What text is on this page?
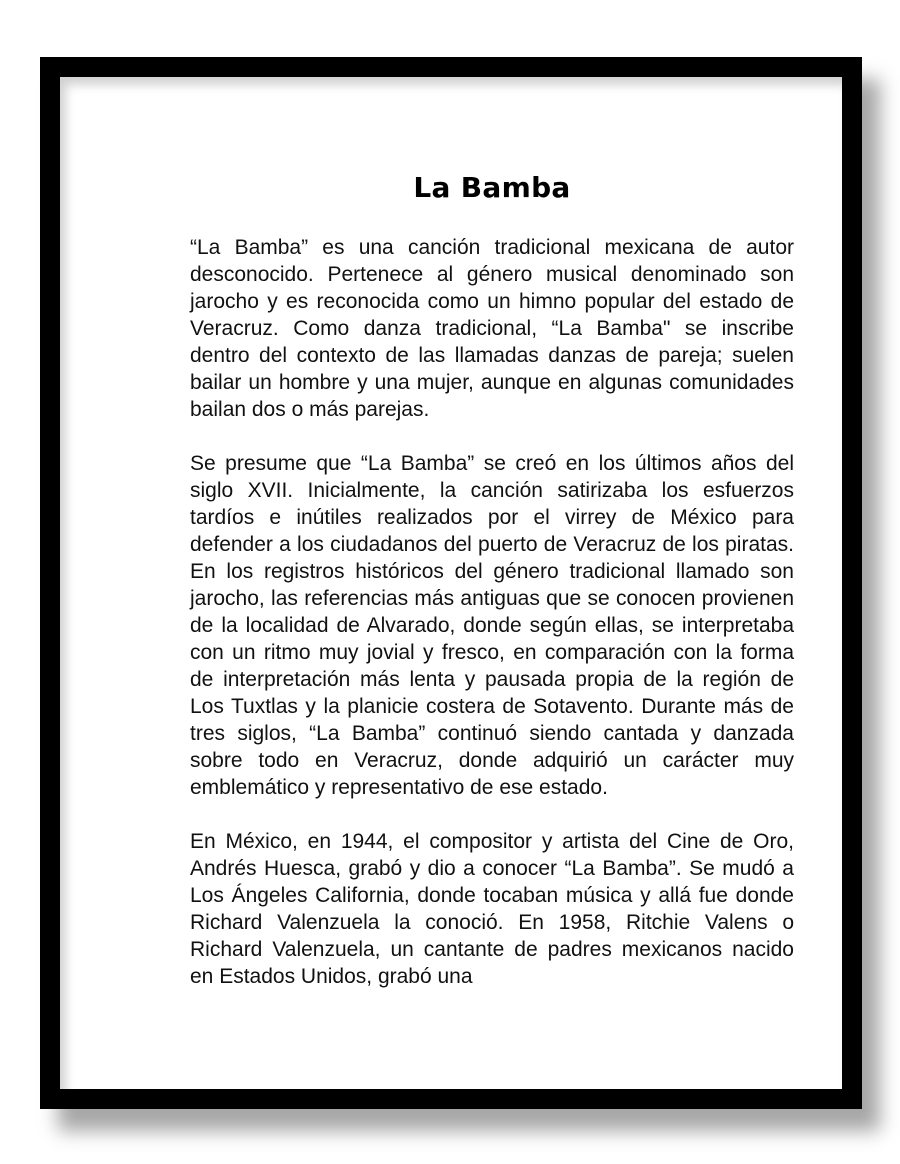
La Bamba

“La Bamba” es una canción tradicional mexicana de autor desconocido. Pertenece al género musical denominado son jarocho y es reconocida como un himno popular del estado de Veracruz. Como danza tradicional, “La Bamba" se inscribe dentro del contexto de las llamadas danzas de pareja; suelen bailar un hombre y una mujer, aunque en algunas comunidades bailan dos o más parejas.

Se presume que “La Bamba” se creó en los últimos años del siglo XVII. Inicialmente, la canción satirizaba los esfuerzos tardíos e inútiles realizados por el virrey de México para defender a los ciudadanos del puerto de Veracruz de los piratas. En los registros históricos del género tradicional llamado son jarocho, las referencias más antiguas que se conocen provienen de la localidad de Alvarado, donde según ellas, se interpretaba con un ritmo muy jovial y fresco, en comparación con la forma de interpretación más lenta y pausada propia de la región de Los Tuxtlas y la planicie costera de Sotavento. Durante más de tres siglos, “La Bamba” continuó siendo cantada y danzada sobre todo en Veracruz, donde adquirió un carácter muy emblemático y representativo de ese estado.

En México, en 1944, el compositor y artista del Cine de Oro, Andrés Huesca, grabó y dio a conocer “La Bamba”. Se mudó a Los Ángeles California, donde tocaban música y allá fue donde Richard Valenzuela la conoció. En 1958, Ritchie Valens o Richard Valenzuela, un cantante de padres mexicanos nacido en Estados Unidos, grabó una
